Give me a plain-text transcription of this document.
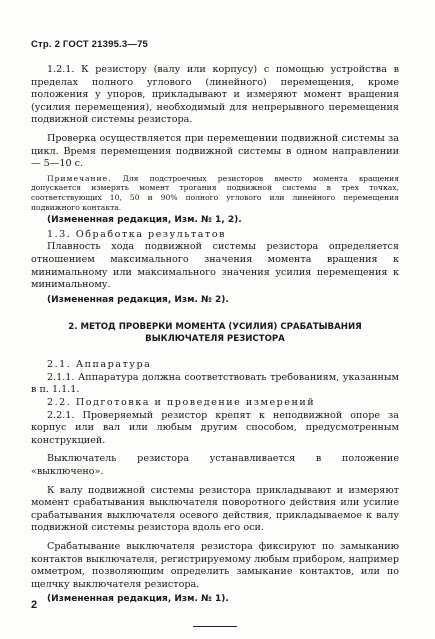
Стр. 2 ГОСТ 21395.3—75

1.2.1. К резистору (валу или корпусу) с помощью устройства в пределах полного углового (линейного) перемещения, кроме положения у упоров, прикладывают и измеряют момент вращения (усилия перемещения), необходимый для непрерывного перемещения подвижной системы резистора.

Проверка осуществляется при перемещении подвижной системы за цикл. Время перемещения подвижной системы в одном направлении — 5—10 с.

Примечание. Для подстроечных резисторов вместо момента вращения допускается измерять момент трогания подвижной системы в трех точках, соответствующих 10, 50 и 90% полного углового или линейного перемещения подвижного контакта.

(Измененная редакция, Изм. № 1, 2).

1.3. Обработка результатов

Плавность хода подвижной системы резистора определяется отношением максимального значения момента вращения к минимальному или максимального значения усилия перемещения к минимальному.

(Измененная редакция, Изм. № 2).

2. МЕТОД ПРОВЕРКИ МОМЕНТА (УСИЛИЯ) СРАБАТЫВАНИЯ
ВЫКЛЮЧАТЕЛЯ РЕЗИСТОРА

2.1. Аппаратура

2.1.1. Аппаратура должна соответствовать требованиям, указанным в п. 1.1.1.

2.2. Подготовка и проведение измерений

2.2.1. Проверяемый резистор крепят к неподвижной опоре за корпус или вал или любым другим способом, предусмотренным конструкцией.

Выключатель резистора устанавливается в положение «выключено».

К валу подвижной системы резистора прикладывают и измеряют момент срабатывания выключателя поворотного действия или усилие срабатывания выключателя осевого действия, прикладываемое к валу подвижной системы резистора вдоль его оси.

Срабатывание выключателя резистора фиксируют по замыканию контактов выключателя, регистрируемому любым прибором, например омметром, позволяющим определить замыкание контактов, или по щелчку выключателя резистора.

(Измененная редакция, Изм. № 1).

2
